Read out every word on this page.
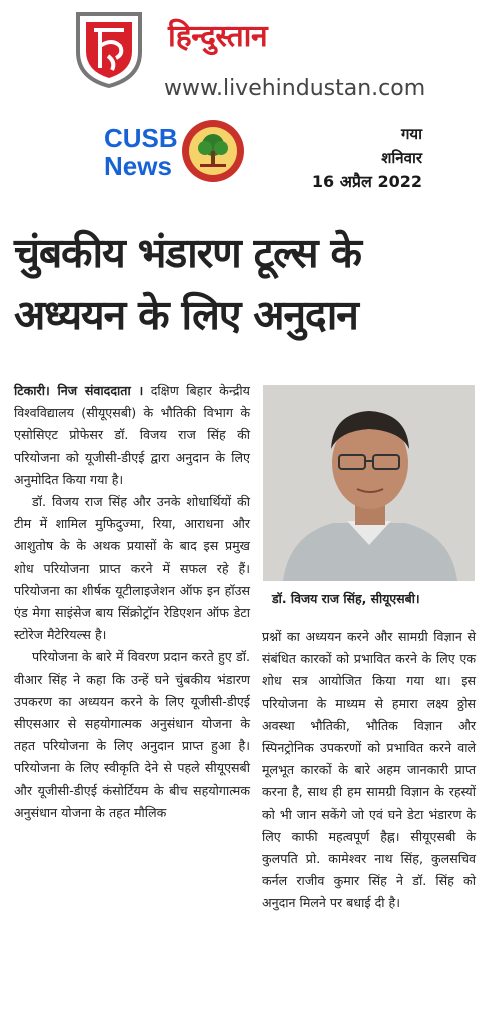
हिन्दुस्तान
www.livehindustan.com
CUSB
News
गया
शनिवार
16 अप्रैल 2022
चुंबकीय भंडारण टूल्स के
अध्ययन के लिए अनुदान

टिकारी। निज संवाददाता । दक्षिण बिहार केन्द्रीय विश्वविद्यालय (सीयूएसबी) के भौतिकी विभाग के एसोसिएट प्रोफेसर डॉ. विजय राज सिंह की परियोजना को यूजीसी-डीएई द्वारा अनुदान के लिए अनुमोदित किया गया है।

डॉ. विजय राज सिंह और उनके शोधार्थियों की टीम में शामिल मुफिदुज्मा, रिया, आराधना और आशुतोष के के अथक प्रयासों के बाद इस प्रमुख शोध परियोजना प्राप्त करने में सफल रहे हैं। परियोजना का शीर्षक यूटीलाइजेशन ऑफ इन हॉउस एंड मेगा साइंसेज बाय सिंक्रोट्रॉन रेडिएशन ऑफ डेटा स्टोरेज मैटेरियल्स है।

परियोजना के बारे में विवरण प्रदान करते हुए डॉ. वीआर सिंह ने कहा कि उन्हें घने चुंबकीय भंडारण उपकरण का अध्ययन करने के लिए यूजीसी-डीएई सीएसआर से सहयोगात्मक अनुसंधान योजना के तहत परियोजना के लिए अनुदान प्राप्त हुआ है। परियोजना के लिए स्वीकृति देने से पहले सीयूएसबी और यूजीसी-डीएई कंसोर्टियम के बीच सहयोगात्मक अनुसंधान योजना के तहत मौलिक

डॉ. विजय राज सिंह, सीयूएसबी।

प्रश्नों का अध्ययन करने और सामग्री विज्ञान से संबंधित कारकों को प्रभावित करने के लिए एक शोध सत्र आयोजित किया गया था। इस परियोजना के माध्यम से हमारा लक्ष्य ठ्ठोस अवस्था भौतिकी, भौतिक विज्ञान और स्पिनट्रोनिक उपकरणों को प्रभावित करने वाले मूलभूत कारकों के बारे अहम जानकारी प्राप्त करना है, साथ ही हम सामग्री विज्ञान के रहस्यों को भी जान सकेंगे जो एवं घने डेटा भंडारण के लिए काफी महत्वपूर्ण हैह्न। सीयूएसबी के कुलपति प्रो. कामेश्वर नाथ सिंह, कुलसचिव कर्नल राजीव कुमार सिंह ने डॉ. सिंह को अनुदान मिलने पर बधाई दी है।
